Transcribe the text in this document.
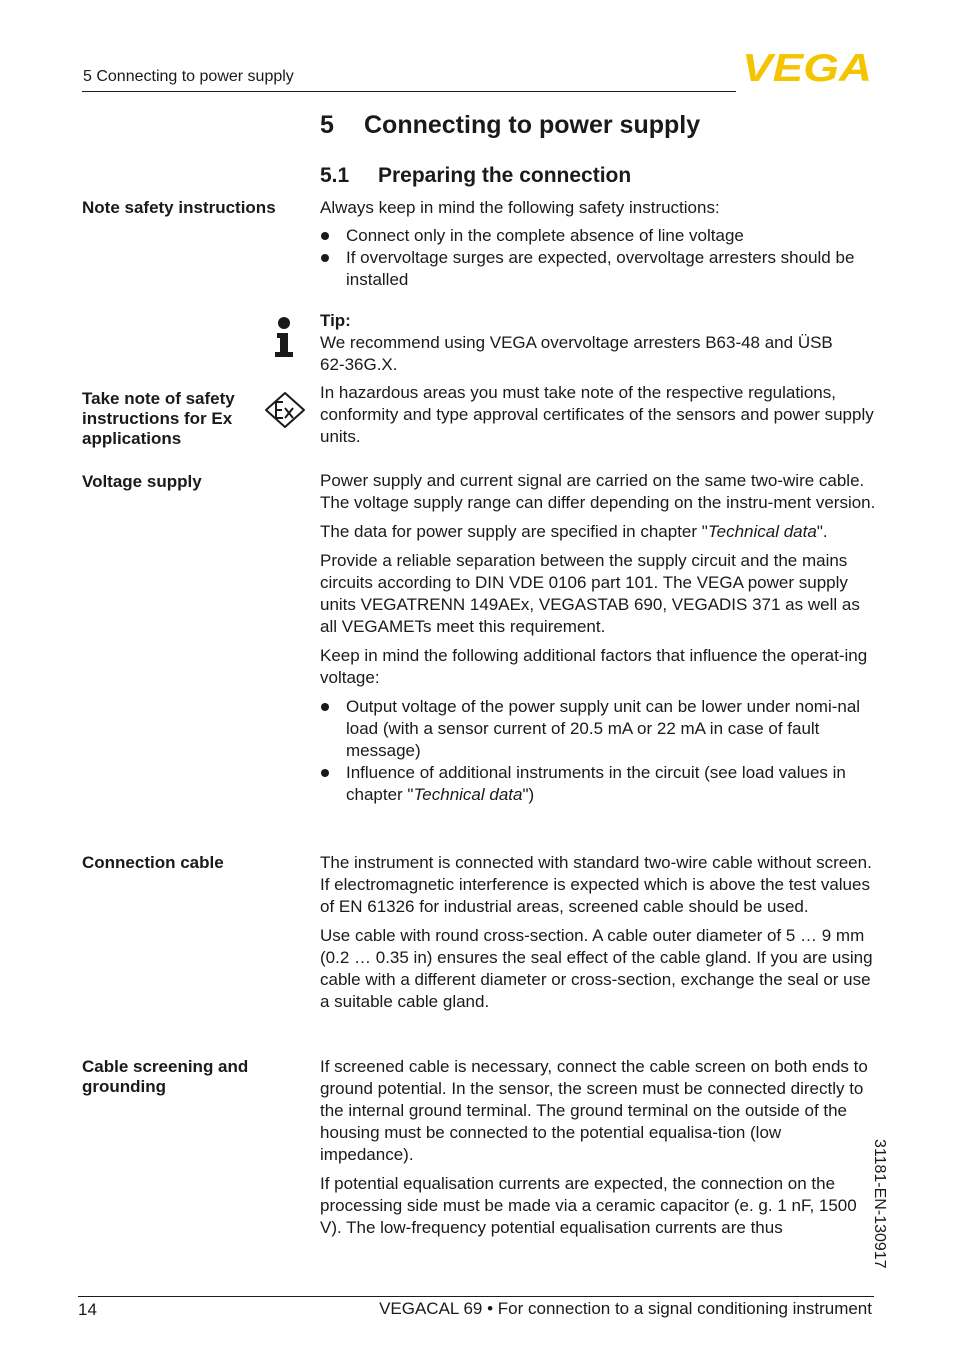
5 Connecting to power supply	VEGA
5 Connecting to power supply
5.1 Preparing the connection
Note safety instructions	Always keep in mind the following safety instructions:

Connect only in the complete absence of line voltage
If overvoltage surges are expected, overvoltage arresters should be installed

Tip:

We recommend using VEGA overvoltage arresters B63-48 and ÜSB 62-36G.X.

Take note of safety instructions for Ex applications
In hazardous areas you must take note of the respective regulations, conformity and type approval certificates of the sensors and power supply units.
Voltage supply	Power supply and current signal are carried on the same two-wire cable. The voltage supply range can differ depending on the instru-ment version.

The data for power supply are specified in chapter "Technical data".

Provide a reliable separation between the supply circuit and the mains circuits according to DIN VDE 0106 part 101. The VEGA power supply units VEGATRENN 149AEx, VEGASTAB 690, VEGADIS 371 as well as all VEGAMETs meet this requirement.

Keep in mind the following additional factors that influence the operat-ing voltage:

Output voltage of the power supply unit can be lower under nomi-nal load (with a sensor current of 20.5 mA or 22 mA in case of fault message)
Influence of additional instruments in the circuit (see load values in chapter "Technical data")
Connection cable	The instrument is connected with standard two-wire cable without screen. If electromagnetic interference is expected which is above the test values of EN 61326 for industrial areas, screened cable should be used.

Use cable with round cross-section. A cable outer diameter of 5 … 9 mm (0.2 … 0.35 in) ensures the seal effect of the cable gland. If you are using cable with a different diameter or cross-section, exchange the seal or use a suitable cable gland.

Cable screening and grounding

If screened cable is necessary, connect the cable screen on both ends to ground potential. In the sensor, the screen must be connected directly to the internal ground terminal. The ground terminal on the outside of the housing must be connected to the potential equalisa-tion (low impedance).

If potential equalisation currents are expected, the connection on the processing side must be made via a ceramic capacitor (e. g. 1 nF, 1500 V). The low-frequency potential equalisation currents are thus	31181-EN-130917
14	VEGACAL 69 • For connection to a signal conditioning instrument
